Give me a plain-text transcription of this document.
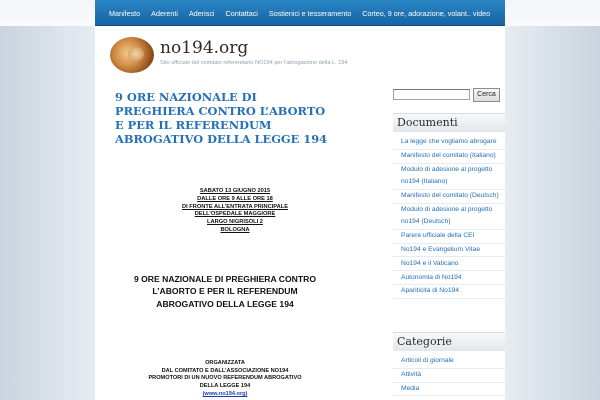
Manifesto Aderenti Aderisci Contattaci Sostienici e tesseramento Corteo, 9 ore, adorazione, volant.. video
no194.org
Sito ufficiale del comitato referendario NO194 per l'abrogazione della L. 194
9 ORE NAZIONALE DI PREGHIERA CONTRO L’ABORTO E PER IL REFERENDUM ABROGATIVO DELLA LEGGE 194
SABATO 13 GIUGNO 2015
DALLE ORE 9 ALLE ORE 18
DI FRONTE ALL’ENTRATA PRINCIPALE
DELL’OSPEDALE MAGGIORE
LARGO NIGRISOLI 2
BOLOGNA
9 ORE NAZIONALE DI PREGHIERA CONTRO L’ABORTO E PER IL REFERENDUM ABROGATIVO DELLA LEGGE 194

ORGANIZZATA

DAL COMITATO E DALL’ASSOCIAZIONE NO194

PROMOTORI DI UN NUOVO REFERENDUM ABROGATIVO

DELLA LEGGE 194

(www.no194.org)

Cerca
Documenti
La legge che vogliamo abrogare
Manifesto del comitato (Italiano)
Modulo di adesione al progetto no194 (Italiano)
Manifesto del comitato (Deutsch)
Modulo di adesione al progetto no194 (Deutsch)
Parere ufficiale della CEI
No194 e Evangelium Vitae
No194 e il Vaticano
Autonomia di No194
Apariticità di No194
Categorie
Articoli di giornale
Attività
Media
